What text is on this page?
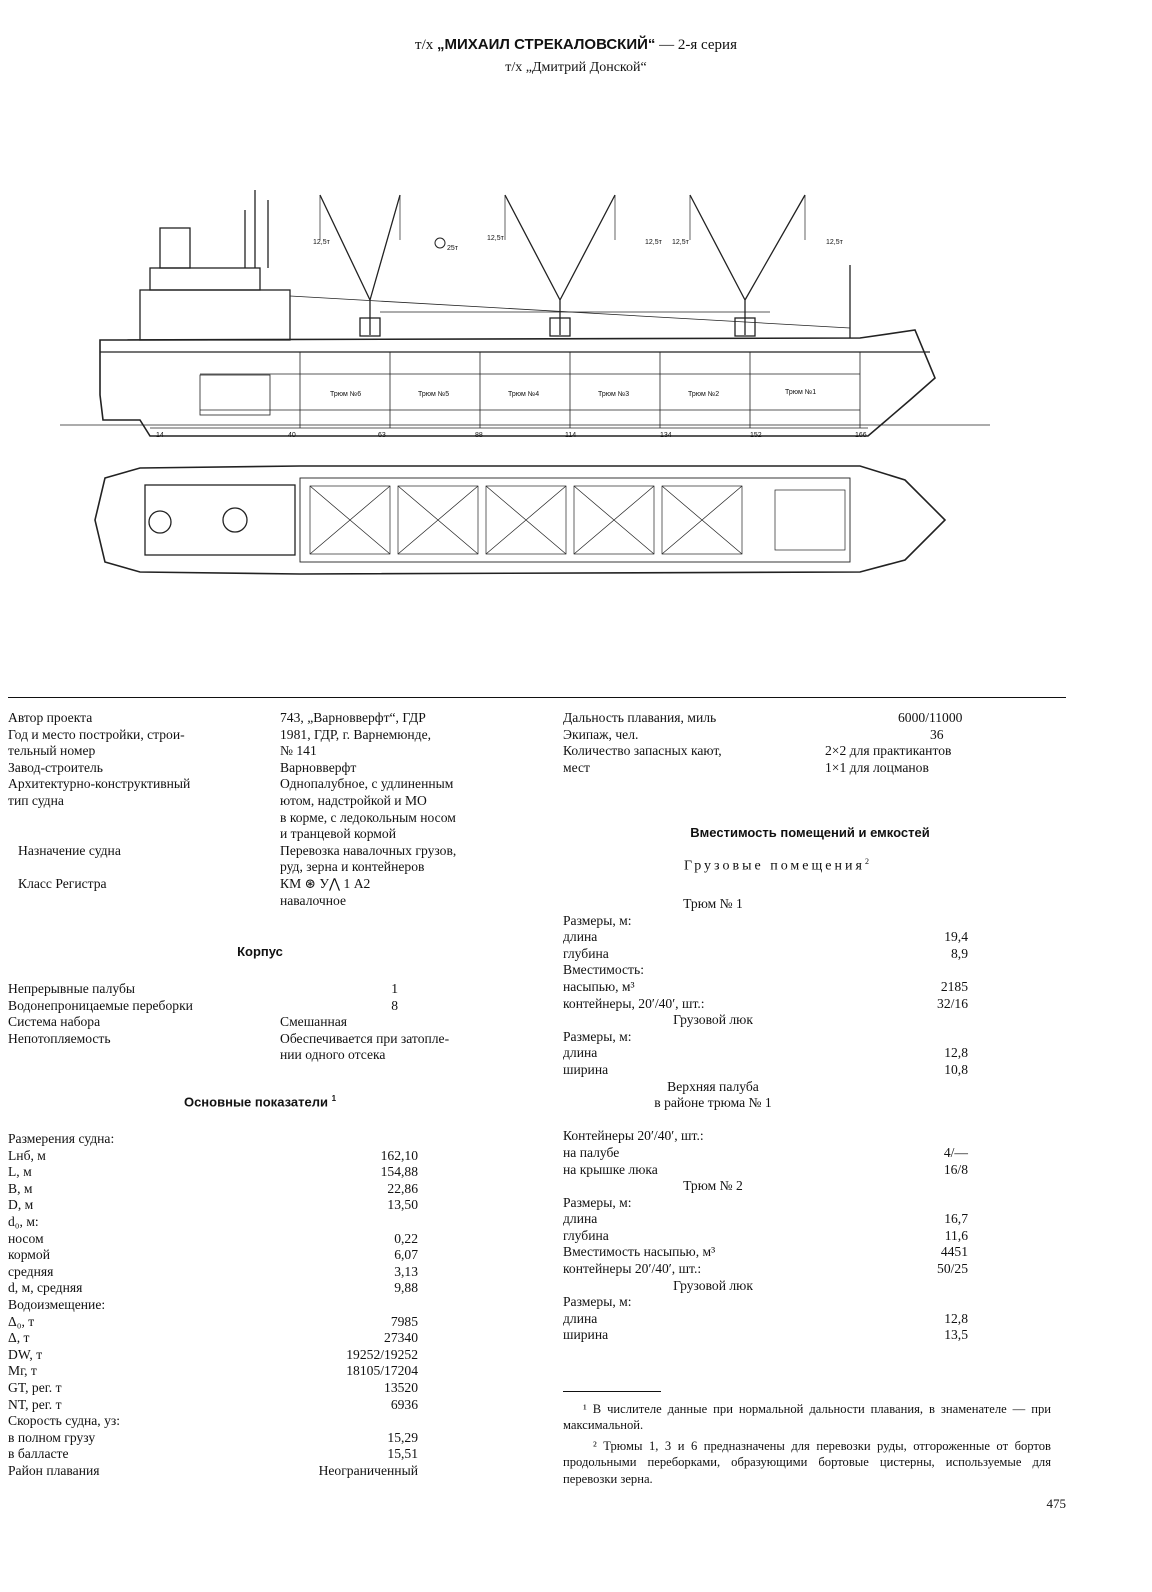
т/х „МИХАИЛ СТРЕКАЛОВСКИЙ“ — 2-я серия
т/х „Дмитрий Донской“
Трюм №6	Трюм №5	Трюм №4	Трюм №3	Трюм №2	Трюм №1
12,5т
25т
12,5т
12,5т 12,5т	12,5т
14	40	63	88	114	134	152	166
Автор проекта	743, „Варновверфт“, ГДР
Год и место постройки, строи-	1981, ГДР, г. Варнемюнде,
тельный номер	№ 141
Завод-строитель	Варновверфт
Архитектурно-конструктивный	Однопалубное, с удлиненным
тип судна	ютом, надстройкой и МО
в корме, с ледокольным носом
и транцевой кормой
Назначение судна	Перевозка навалочных грузов,
руд, зерна и контейнеров
Класс Регистра	КМ ⊛ У⋀ 1 А2
навалочное
Корпус
Непрерывные палубы	1
Водонепроницаемые переборки	8
Система набора	Смешанная
Непотопляемость	Обеспечивается при затопле-
нии одного отсека
Основные показатели $^1$
Размерения судна:
Lнб, м	162,10
L, м	154,88
B, м	22,86
D, м	13,50
d₀, м:
носом	0,22
кормой	6,07
средняя	3,13
d, м, средняя	9,88
Водоизмещение:
Δ₀, т	7985
Δ, т	27340
DW, т	19252/19252
Mг, т	18105/17204
GT, рег. т	13520
NT, рег. т	6936
Скорость судна, уз:
в полном грузу	15,29
в балласте	15,51
Район плавания	Неограниченный
Дальность плавания, миль	6000/11000
Экипаж, чел.	36
Количество запасных кают,	2×2 для практикантов
мест	1×1 для лоцманов
Вместимость помещений и емкостей
Грузовые помещения$^2$
Трюм № 1
Размеры, м:
длина	19,4
глубина	8,9
Вместимость:
насыпью, м³	2185
контейнеры, 20′/40′, шт.:	32/16
Грузовой люк
Размеры, м:
длина	12,8
ширина	10,8
Верхняя палуба
в районе трюма № 1
Контейнеры 20′/40′, шт.:
на палубе	4/—
на крышке люка	16/8
Трюм № 2
Размеры, м:
длина	16,7
глубина	11,6
Вместимость насыпью, м³	4451
контейнеры 20′/40′, шт.:	50/25
Грузовой люк
Размеры, м:
длина	12,8
ширина	13,5
¹ В числителе данные при нормальной дальности плавания, в знаменателе — при максимальной.
² Трюмы 1, 3 и 6 предназначены для перевозки руды, отгороженные от бортов продольными переборками, образующими бортовые цистерны, используемые для перевозки зерна.
475
